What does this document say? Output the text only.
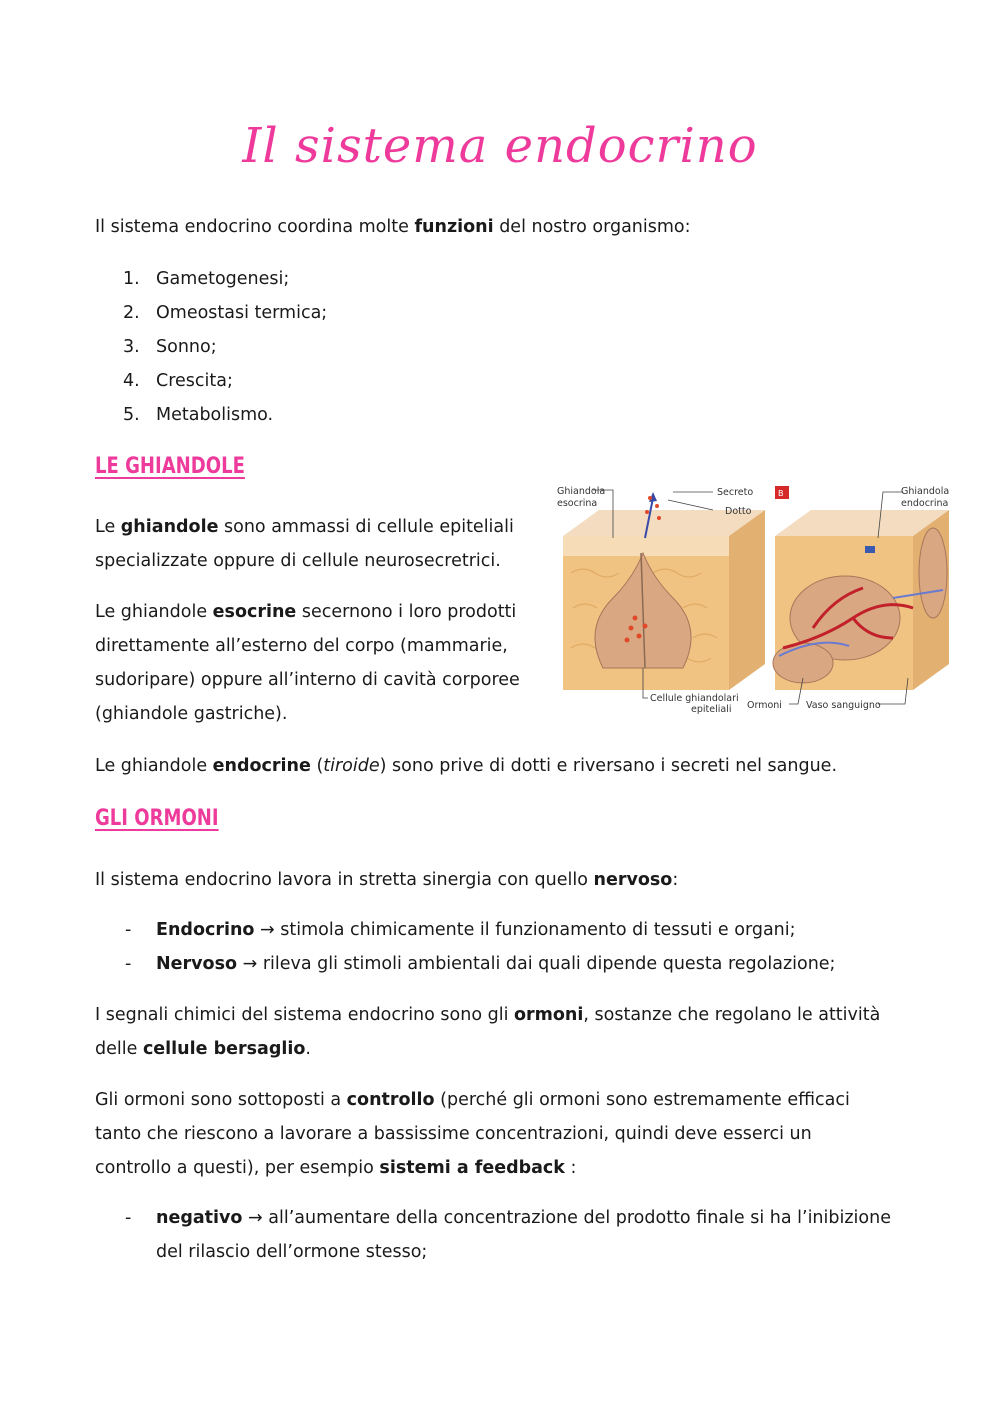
Il sistema endocrino

Il sistema endocrino coordina molte funzioni del nostro organismo:

1. Gametogenesi;
2. Omeostasi termica;
3. Sonno;
4. Crescita;
5. Metabolismo.
LE GHIANDOLE

Le ghiandole sono ammassi di cellule epiteliali
specializzate oppure di cellule neurosecretrici.

Le ghiandole esocrine secernono i loro prodotti
direttamente all’esterno del corpo (mammarie,
sudoripare) oppure all’interno di cavità corporee
(ghiandole gastriche).

Ghiandola
esocrina
Secreto
Dotto
Cellule ghiandolari
epiteliali
B	Ghiandola
endocrina
Ormoni	Vaso sanguigno

Le ghiandole endocrine (tiroide) sono prive di dotti e riversano i secreti nel sangue.

GLI ORMONI

Il sistema endocrino lavora in stretta sinergia con quello nervoso:

- Endocrino → stimola chimicamente il funzionamento di tessuti e organi;
- Nervoso → rileva gli stimoli ambientali dai quali dipende questa regolazione;

I segnali chimici del sistema endocrino sono gli ormoni, sostanze che regolano le attività
delle cellule bersaglio.

Gli ormoni sono sottoposti a controllo (perché gli ormoni sono estremamente efficaci
tanto che riescono a lavorare a bassissime concentrazioni, quindi deve esserci un
controllo a questi), per esempio sistemi a feedback :

- negativo → all’aumentare della concentrazione del prodotto finale si ha l’inibizione
del rilascio dell’ormone stesso;
